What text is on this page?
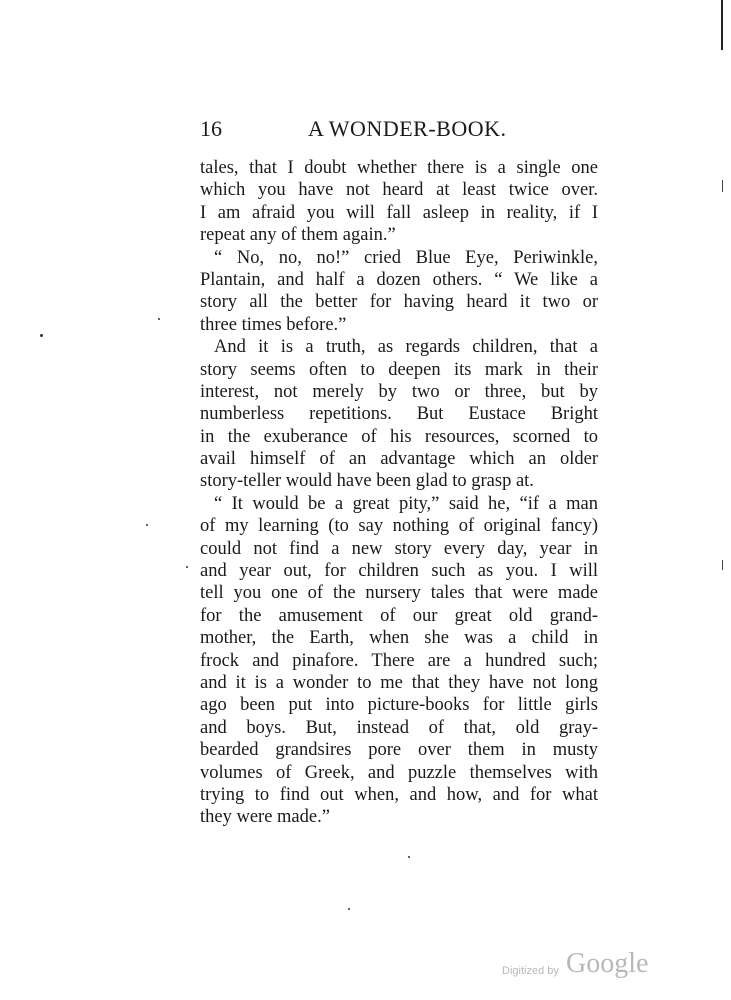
16	A WONDER-BOOK.
tales, that I doubt whether there is a single one
which you have not heard at least twice over.
I am afraid you will fall asleep in reality, if I
repeat any of them again.”
“ No, no, no!” cried Blue Eye, Periwinkle,
Plantain, and half a dozen others. “ We like a
story all the better for having heard it two or
three times before.”
And it is a truth, as regards children, that a
story seems often to deepen its mark in their
interest, not merely by two or three, but by
numberless repetitions. But Eustace Bright
in the exuberance of his resources, scorned to
avail himself of an advantage which an older
story-teller would have been glad to grasp at.
“ It would be a great pity,” said he, “if a man
of my learning (to say nothing of original fancy)
could not find a new story every day, year in
and year out, for children such as you. I will
tell you one of the nursery tales that were made
for the amusement of our great old grand-
mother, the Earth, when she was a child in
frock and pinafore. There are a hundred such;
and it is a wonder to me that they have not long
ago been put into picture-books for little girls
and boys. But, instead of that, old gray-
bearded grandsires pore over them in musty
volumes of Greek, and puzzle themselves with
trying to find out when, and how, and for what
they were made.”
Digitized by Google
